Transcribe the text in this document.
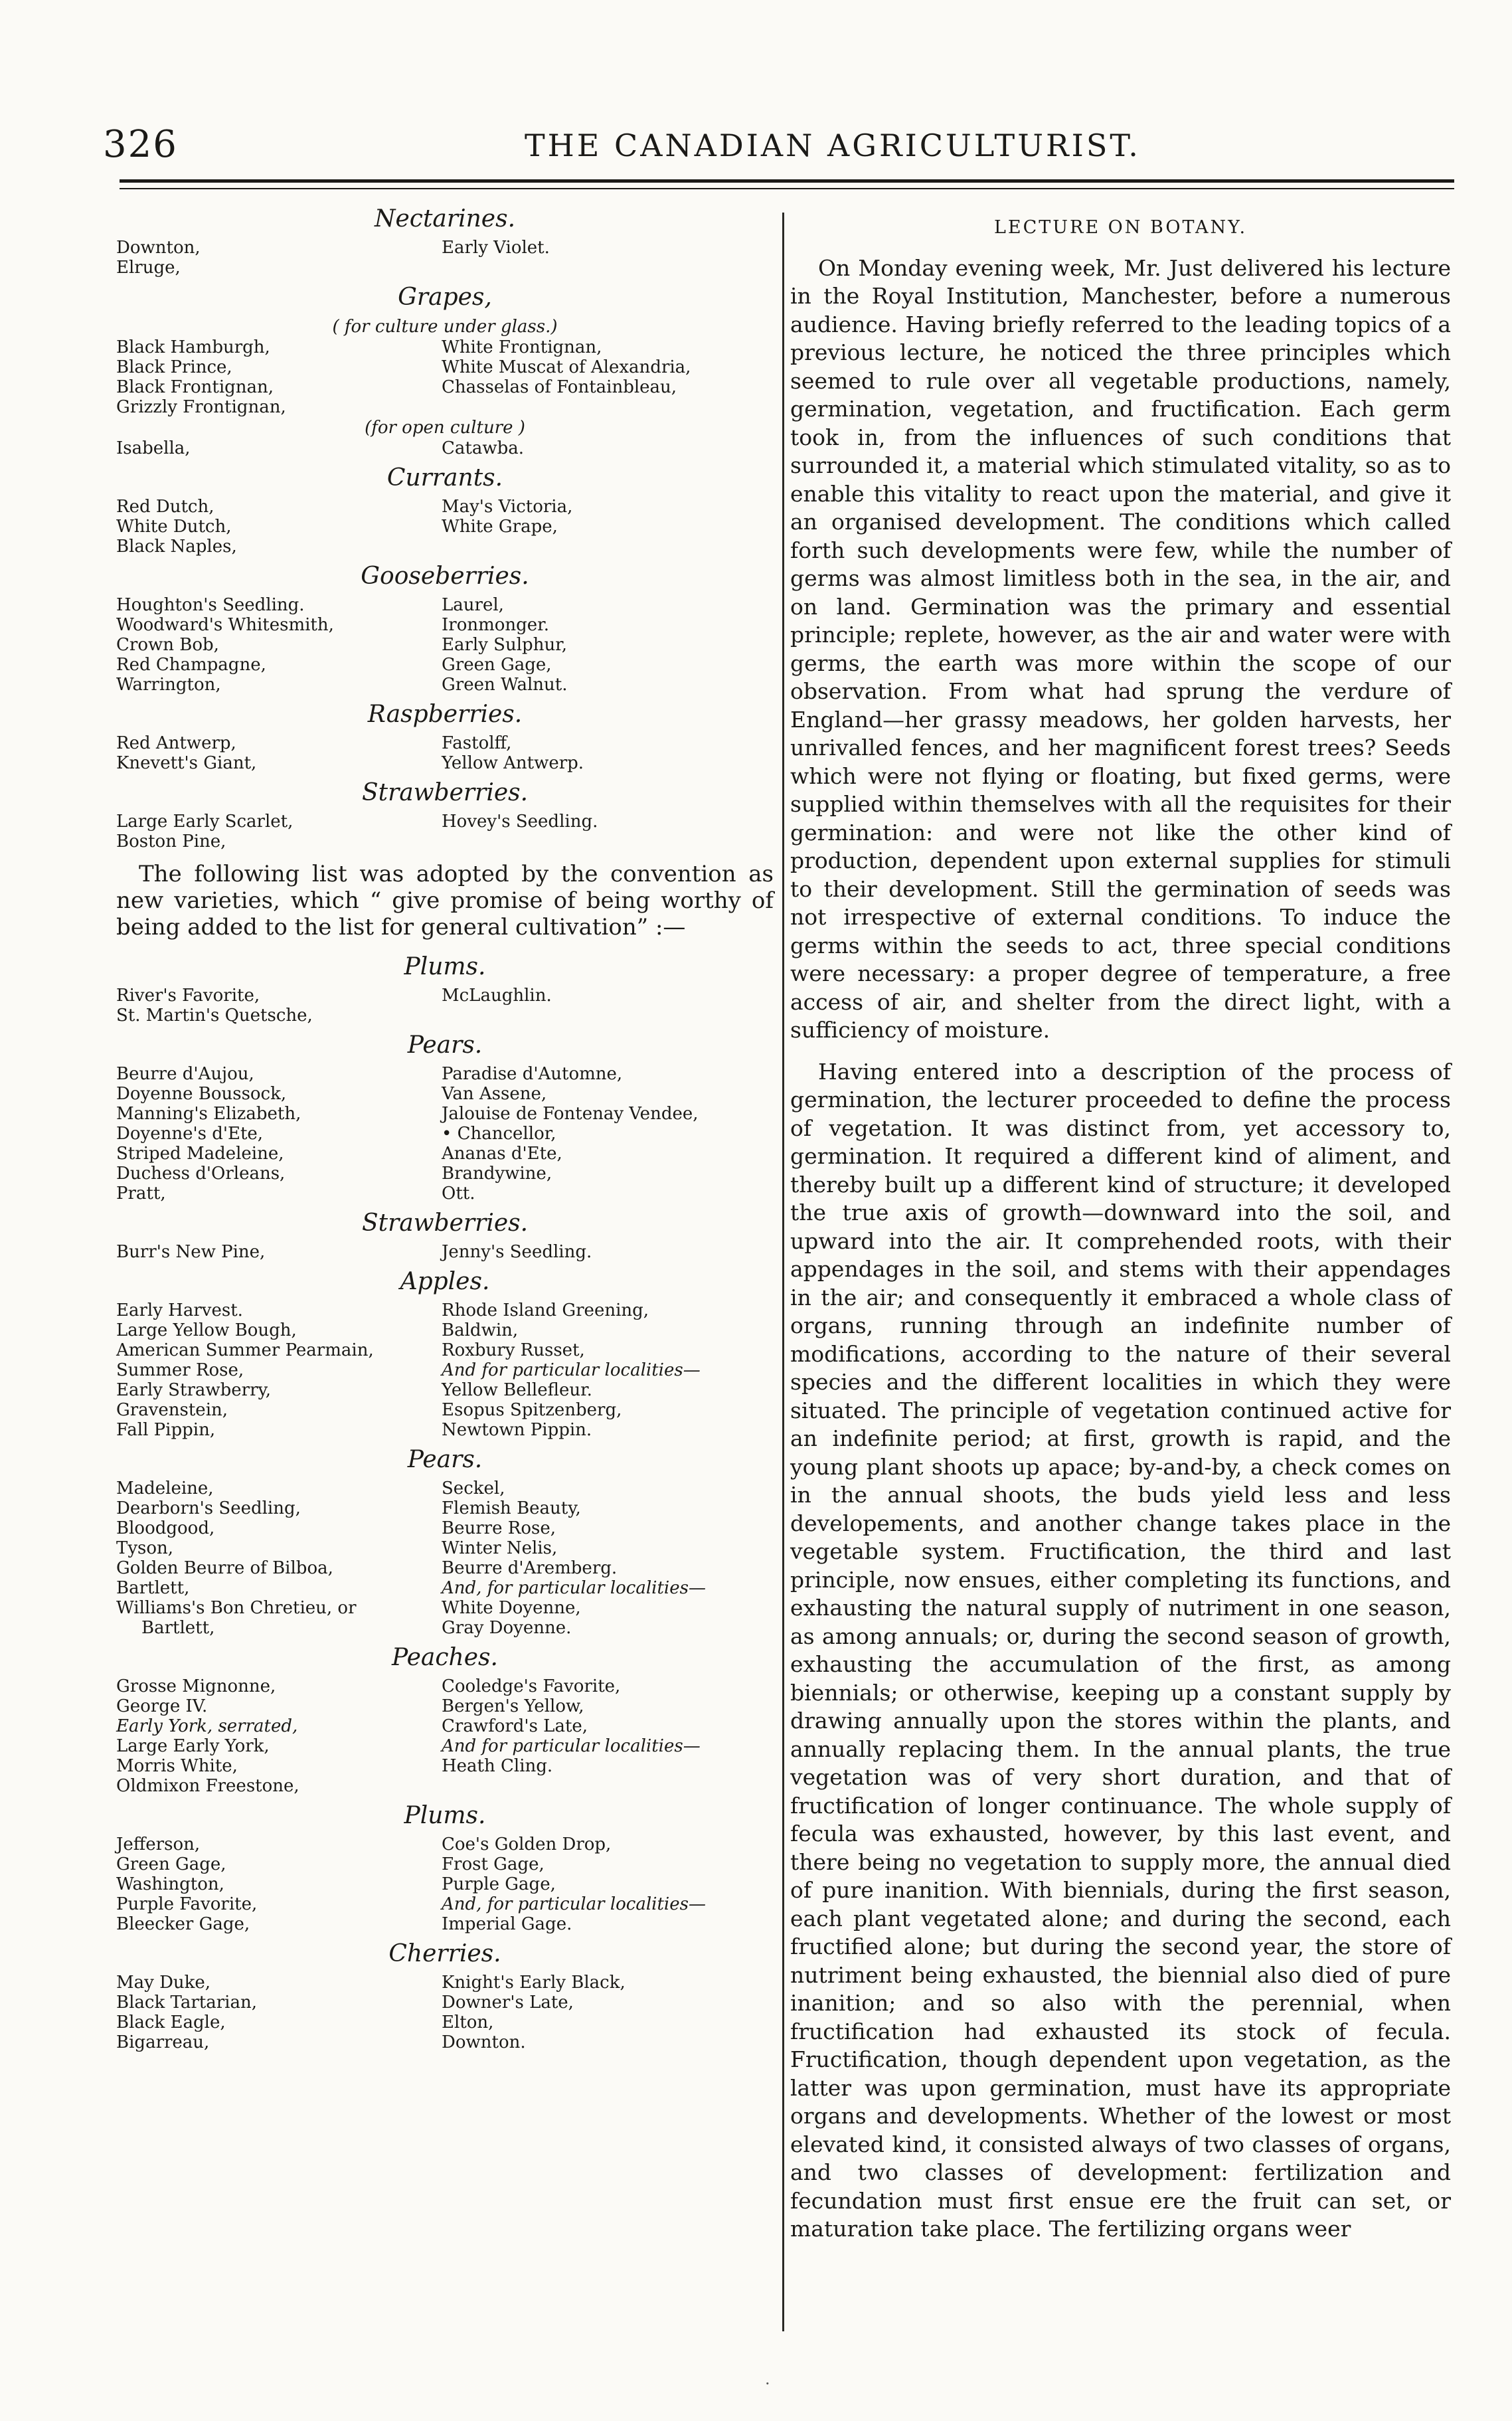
326	THE CANADIAN AGRICULTURIST.
Nectarines.
Downton,	Early Violet.
Elruge,
Grapes,
( for culture under glass.)
Black Hamburgh,	White Frontignan,
Black Prince,	White Muscat of Alexandria,
Black Frontignan,	Chasselas of Fontainbleau,
Grizzly Frontignan,
(for open culture )
Isabella,	Catawba.
Currants.
Red Dutch,	May's Victoria,
White Dutch,	White Grape,
Black Naples,
Gooseberries.
Houghton's Seedling.	Laurel,
Woodward's Whitesmith,	Ironmonger.
Crown Bob,	Early Sulphur,
Red Champagne,	Green Gage,
Warrington,	Green Walnut.
Raspberries.
Red Antwerp,	Fastolff,
Knevett's Giant,	Yellow Antwerp.
Strawberries.
Large Early Scarlet,	Hovey's Seedling.
Boston Pine,

The following list was adopted by the convention as new varieties, which “ give promise of being worthy of being added to the list for general cultivation” :—

Plums.
River's Favorite,	McLaughlin.
St. Martin's Quetsche,
Pears.
Beurre d'Aujou,	Paradise d'Automne,
Doyenne Boussock,	Van Assene,
Manning's Elizabeth,	Jalouise de Fontenay Vendee,
Doyenne's d'Ete,	• Chancellor,
Striped Madeleine,	Ananas d'Ete,
Duchess d'Orleans,	Brandywine,
Pratt,	Ott.
Strawberries.
Burr's New Pine,	Jenny's Seedling.
Apples.
Early Harvest.	Rhode Island Greening,
Large Yellow Bough,	Baldwin,
American Summer Pearmain,	Roxbury Russet,
Summer Rose,	And for particular localities—
Early Strawberry,	Yellow Bellefleur.
Gravenstein,	Esopus Spitzenberg,
Fall Pippin,	Newtown Pippin.
Pears.
Madeleine,	Seckel,
Dearborn's Seedling,	Flemish Beauty,
Bloodgood,	Beurre Rose,
Tyson,	Winter Nelis,
Golden Beurre of Bilboa,	Beurre d'Aremberg.
Bartlett,	And, for particular localities—
Williams's Bon Chretieu, or	White Doyenne,
Bartlett,	Gray Doyenne.
Peaches.
Grosse Mignonne,	Cooledge's Favorite,
George IV.	Bergen's Yellow,
Early York, serrated,	Crawford's Late,
Large Early York,	And for particular localities—
Morris White,	Heath Cling.
Oldmixon Freestone,
Plums.
Jefferson,	Coe's Golden Drop,
Green Gage,	Frost Gage,
Washington,	Purple Gage,
Purple Favorite,	And, for particular localities—
Bleecker Gage,	Imperial Gage.
Cherries.
May Duke,	Knight's Early Black,
Black Tartarian,	Downer's Late,
Black Eagle,	Elton,
Bigarreau,	Downton.
LECTURE ON BOTANY.

On Monday evening week, Mr. Just delivered his lecture in the Royal Institution, Manchester, before a numerous audience. Having briefly referred to the leading topics of a previous lecture, he noticed the three principles which seemed to rule over all vegetable productions, namely, germination, vegetation, and fructification. Each germ took in, from the influences of such conditions that surrounded it, a material which stimulated vitality, so as to enable this vitality to react upon the material, and give it an organised development. The conditions which called forth such developments were few, while the number of germs was almost limitless both in the sea, in the air, and on land. Germination was the primary and essential principle; replete, however, as the air and water were with germs, the earth was more within the scope of our observation. From what had sprung the verdure of England—her grassy meadows, her golden harvests, her unrivalled fences, and her magnificent forest trees? Seeds which were not flying or floating, but fixed germs, were supplied within themselves with all the requisites for their germination: and were not like the other kind of production, dependent upon external supplies for stimuli to their development. Still the germination of seeds was not irrespective of external conditions. To induce the germs within the seeds to act, three special conditions were necessary: a proper degree of temperature, a free access of air, and shelter from the direct light, with a sufficiency of moisture.

Having entered into a description of the process of germination, the lecturer proceeded to define the process of vegetation. It was distinct from, yet accessory to, germination. It required a different kind of aliment, and thereby built up a different kind of structure; it developed the true axis of growth—downward into the soil, and upward into the air. It comprehended roots, with their appendages in the soil, and stems with their appendages in the air; and consequently it embraced a whole class of organs, running through an indefinite number of modifications, according to the nature of their several species and the different localities in which they were situated. The principle of vegetation continued active for an indefinite period; at first, growth is rapid, and the young plant shoots up apace; by-and-by, a check comes on in the annual shoots, the buds yield less and less developements, and another change takes place in the vegetable system. Fructification, the third and last principle, now ensues, either completing its functions, and exhausting the natural supply of nutriment in one season, as among annuals; or, during the second season of growth, exhausting the accumulation of the first, as among biennials; or otherwise, keeping up a constant supply by drawing annually upon the stores within the plants, and annually replacing them. In the annual plants, the true vegetation was of very short duration, and that of fructification of longer continuance. The whole supply of fecula was exhausted, however, by this last event, and there being no vegetation to supply more, the annual died of pure inanition. With biennials, during the first season, each plant vegetated alone; and during the second, each fructified alone; but during the second year, the store of nutriment being exhausted, the biennial also died of pure inanition; and so also with the perennial, when fructification had exhausted its stock of fecula. Fructification, though dependent upon vegetation, as the latter was upon germination, must have its appropriate organs and developments. Whether of the lowest or most elevated kind, it consisted always of two classes of organs, and two classes of development: fertilization and fecundation must first ensue ere the fruit can set, or maturation take place. The fertilizing organs weer

·
